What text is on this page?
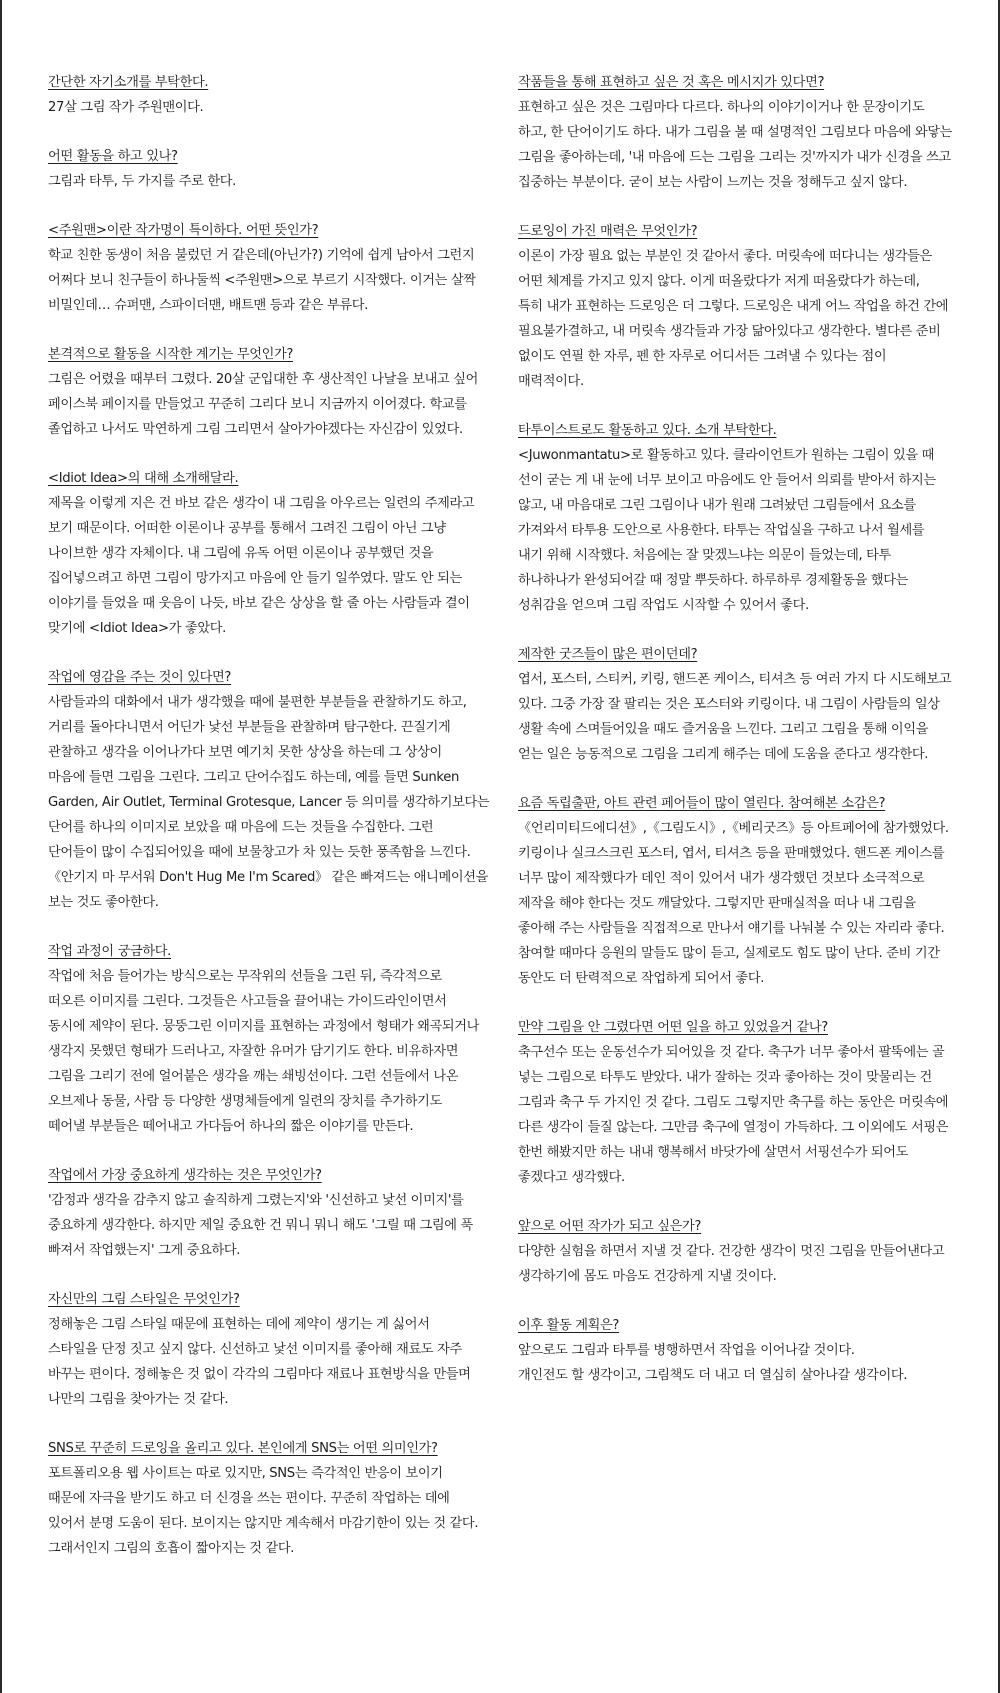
간단한 자기소개를 부탁한다.

27살 그림 작가 주원맨이다.

어떤 활동을 하고 있나?

그림과 타투, 두 가지를 주로 한다.

<주원맨>이란 작가명이 특이하다. 어떤 뜻인가?

학교 친한 동생이 처음 불렀던 거 같은데(아닌가?) 기억에 쉽게 남아서 그런지
어쩌다 보니 친구들이 하나둘씩 <주원맨>으로 부르기 시작했다. 이거는 살짝
비밀인데… 슈퍼맨, 스파이더맨, 배트맨 등과 같은 부류다.

본격적으로 활동을 시작한 계기는 무엇인가?

그림은 어렸을 때부터 그렸다. 20살 군입대한 후 생산적인 나날을 보내고 싶어
페이스북 페이지를 만들었고 꾸준히 그리다 보니 지금까지 이어졌다. 학교를
졸업하고 나서도 막연하게 그림 그리면서 살아가야겠다는 자신감이 있었다.

<Idiot Idea>의 대해 소개해달라.

제목을 이렇게 지은 건 바보 같은 생각이 내 그림을 아우르는 일련의 주제라고
보기 때문이다. 어떠한 이론이나 공부를 통해서 그려진 그림이 아닌 그냥
나이브한 생각 자체이다. 내 그림에 유독 어떤 이론이나 공부했던 것을
집어넣으려고 하면 그림이 망가지고 마음에 안 들기 일쑤였다. 말도 안 되는
이야기를 들었을 때 웃음이 나듯, 바보 같은 상상을 할 줄 아는 사람들과 결이
맞기에 <Idiot Idea>가 좋았다.

작업에 영감을 주는 것이 있다면?

사람들과의 대화에서 내가 생각했을 때에 불편한 부분들을 관찰하기도 하고,
거리를 돌아다니면서 어딘가 낯선 부분들을 관찰하며 탐구한다. 끈질기게
관찰하고 생각을 이어나가다 보면 예기치 못한 상상을 하는데 그 상상이
마음에 들면 그림을 그린다. 그리고 단어수집도 하는데, 예를 들면 Sunken
Garden, Air Outlet, Terminal Grotesque, Lancer 등 의미를 생각하기보다는
단어를 하나의 이미지로 보았을 때 마음에 드는 것들을 수집한다. 그런
단어들이 많이 수집되어있을 때에 보물창고가 차 있는 듯한 풍족함을 느낀다.
《안기지 마 무서워 Don't Hug Me I'm Scared》 같은 빠져드는 애니메이션을
보는 것도 좋아한다.

작업 과정이 궁금하다.

작업에 처음 들어가는 방식으로는 무작위의 선들을 그린 뒤, 즉각적으로
떠오른 이미지를 그린다. 그것들은 사고들을 끌어내는 가이드라인이면서
동시에 제약이 된다. 뭉뚱그린 이미지를 표현하는 과정에서 형태가 왜곡되거나
생각지 못했던 형태가 드러나고, 자잘한 유머가 담기기도 한다. 비유하자면
그림을 그리기 전에 얼어붙은 생각을 깨는 쇄빙선이다. 그런 선들에서 나온
오브제나 동물, 사람 등 다양한 생명체들에게 일련의 장치를 추가하기도
떼어낼 부분들은 떼어내고 가다듬어 하나의 짧은 이야기를 만든다.

작업에서 가장 중요하게 생각하는 것은 무엇인가?

'감정과 생각을 감추지 않고 솔직하게 그렸는지'와 '신선하고 낯선 이미지'를
중요하게 생각한다. 하지만 제일 중요한 건 뭐니 뭐니 해도 '그릴 때 그림에 푹
빠져서 작업했는지' 그게 중요하다.

자신만의 그림 스타일은 무엇인가?

정해놓은 그림 스타일 때문에 표현하는 데에 제약이 생기는 게 싫어서
스타일을 단정 짓고 싶지 않다. 신선하고 낯선 이미지를 좋아해 재료도 자주
바꾸는 편이다. 정해놓은 것 없이 각각의 그림마다 재료나 표현방식을 만들며
나만의 그림을 찾아가는 것 같다.

SNS로 꾸준히 드로잉을 올리고 있다. 본인에게 SNS는 어떤 의미인가?

포트폴리오용 웹 사이트는 따로 있지만, SNS는 즉각적인 반응이 보이기
때문에 자극을 받기도 하고 더 신경을 쓰는 편이다. 꾸준히 작업하는 데에
있어서 분명 도움이 된다. 보이지는 않지만 계속해서 마감기한이 있는 것 같다.
그래서인지 그림의 호흡이 짧아지는 것 같다.

작품들을 통해 표현하고 싶은 것 혹은 메시지가 있다면?

표현하고 싶은 것은 그림마다 다르다. 하나의 이야기이거나 한 문장이기도
하고, 한 단어이기도 하다. 내가 그림을 볼 때 설명적인 그림보다 마음에 와닿는
그림을 좋아하는데, '내 마음에 드는 그림을 그리는 것'까지가 내가 신경을 쓰고
집중하는 부분이다. 굳이 보는 사람이 느끼는 것을 정해두고 싶지 않다.

드로잉이 가진 매력은 무엇인가?

이론이 가장 필요 없는 부분인 것 같아서 좋다. 머릿속에 떠다니는 생각들은
어떤 체계를 가지고 있지 않다. 이게 떠올랐다가 저게 떠올랐다가 하는데,
특히 내가 표현하는 드로잉은 더 그렇다. 드로잉은 내게 어느 작업을 하건 간에
필요불가결하고, 내 머릿속 생각들과 가장 닮아있다고 생각한다. 별다른 준비
없이도 연필 한 자루, 펜 한 자루로 어디서든 그려낼 수 있다는 점이
매력적이다.

타투이스트로도 활동하고 있다. 소개 부탁한다.

<Juwonmantatu>로 활동하고 있다. 클라이언트가 원하는 그림이 있을 때
선이 굳는 게 내 눈에 너무 보이고 마음에도 안 들어서 의뢰를 받아서 하지는
않고, 내 마음대로 그린 그림이나 내가 원래 그려놨던 그림들에서 요소를
가져와서 타투용 도안으로 사용한다. 타투는 작업실을 구하고 나서 월세를
내기 위해 시작했다. 처음에는 잘 맞겠느냐는 의문이 들었는데, 타투
하나하나가 완성되어갈 때 정말 뿌듯하다. 하루하루 경제활동을 했다는
성취감을 얻으며 그림 작업도 시작할 수 있어서 좋다.

제작한 굿즈들이 많은 편이던데?

엽서, 포스터, 스티커, 키링, 핸드폰 케이스, 티셔츠 등 여러 가지 다 시도해보고
있다. 그중 가장 잘 팔리는 것은 포스터와 키링이다. 내 그림이 사람들의 일상
생활 속에 스며들어있을 때도 즐거움을 느낀다. 그리고 그림을 통해 이익을
얻는 일은 능동적으로 그림을 그리게 해주는 데에 도움을 준다고 생각한다.

요즘 독립출판, 아트 관련 페어들이 많이 열린다. 참여해본 소감은?

《언리미티드에디션》,《그림도시》,《베리굿즈》등 아트페어에 참가했었다.
키링이나 실크스크린 포스터, 엽서, 티셔츠 등을 판매했었다. 핸드폰 케이스를
너무 많이 제작했다가 데인 적이 있어서 내가 생각했던 것보다 소극적으로
제작을 해야 한다는 것도 깨달았다. 그렇지만 판매실적을 떠나 내 그림을
좋아해 주는 사람들을 직접적으로 만나서 얘기를 나눠볼 수 있는 자리라 좋다.
참여할 때마다 응원의 말들도 많이 듣고, 실제로도 힘도 많이 난다. 준비 기간
동안도 더 탄력적으로 작업하게 되어서 좋다.

만약 그림을 안 그렸다면 어떤 일을 하고 있었을거 같나?

축구선수 또는 운동선수가 되어있을 것 같다. 축구가 너무 좋아서 팔뚝에는 골
넣는 그림으로 타투도 받았다. 내가 잘하는 것과 좋아하는 것이 맞물리는 건
그림과 축구 두 가지인 것 같다. 그림도 그렇지만 축구를 하는 동안은 머릿속에
다른 생각이 들질 않는다. 그만큼 축구에 열정이 가득하다. 그 이외에도 서핑은
한번 해봤지만 하는 내내 행복해서 바닷가에 살면서 서핑선수가 되어도
좋겠다고 생각했다.

앞으로 어떤 작가가 되고 싶은가?

다양한 실험을 하면서 지낼 것 같다. 건강한 생각이 멋진 그림을 만들어낸다고
생각하기에 몸도 마음도 건강하게 지낼 것이다.

이후 활동 계획은?

앞으로도 그림과 타투를 병행하면서 작업을 이어나갈 것이다.
개인전도 할 생각이고, 그림책도 더 내고 더 열심히 살아나갈 생각이다.
